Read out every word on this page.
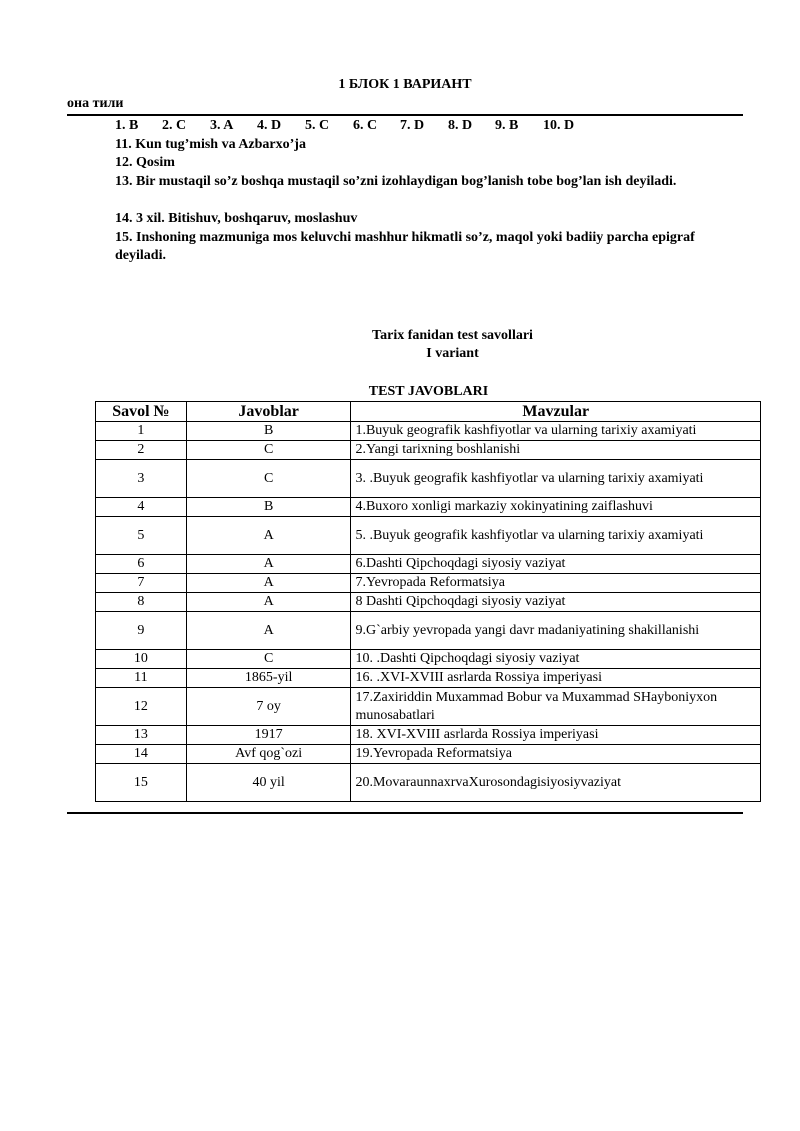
1 БЛОК 1 ВАРИАНТ
она тили
1. B 2. C 3. A 4. D 5. C 6. C 7. D 8. D 9. B 10. D
11. Kun tug’mish va Azbarxo’ja
12. Qosim
13. Bir mustaqil so’z boshqa mustaqil so’zni izohlaydigan bog’lanish tobe bog’lan ish deyiladi.
14. 3 xil. Bitishuv, boshqaruv, moslashuv
15. Inshoning mazmuniga mos keluvchi mashhur hikmatli so’z, maqol yoki badiiy parcha epigraf deyiladi.
Tarix fanidan test savollari
I variant
TEST JAVOBLARI
Savol №	Javoblar	Mavzular
1	B	1.Buyuk geografik kashfiyotlar va ularning tarixiy axamiyati
2	C	2.Yangi tarixning boshlanishi
3	C	3. .Buyuk geografik kashfiyotlar va ularning tarixiy axamiyati
4	B	4.Buxoro xonligi markaziy xokinyatining zaiflashuvi
5	A	5. .Buyuk geografik kashfiyotlar va ularning tarixiy axamiyati
6	A	6.Dashti Qipchoqdagi siyosiy vaziyat
7	A	7.Yevropada Reformatsiya
8	A	8 Dashti Qipchoqdagi siyosiy vaziyat
9	A	9.G`arbiy yevropada yangi davr madaniyatining shakillanishi
10	C	10. .Dashti Qipchoqdagi siyosiy vaziyat
11	1865-yil	16. .XVI-XVIII asrlarda Rossiya imperiyasi
12	7 oy	17.Zaxiriddin Muxammad Bobur va Muxammad SHayboniyxon munosabatlari
13	1917	18. XVI-XVIII asrlarda Rossiya imperiyasi
14	Avf qog`ozi	19.Yevropada Reformatsiya
15	40 yil	20.MovaraunnaxrvaXurosondagisiyosiyvaziyat
